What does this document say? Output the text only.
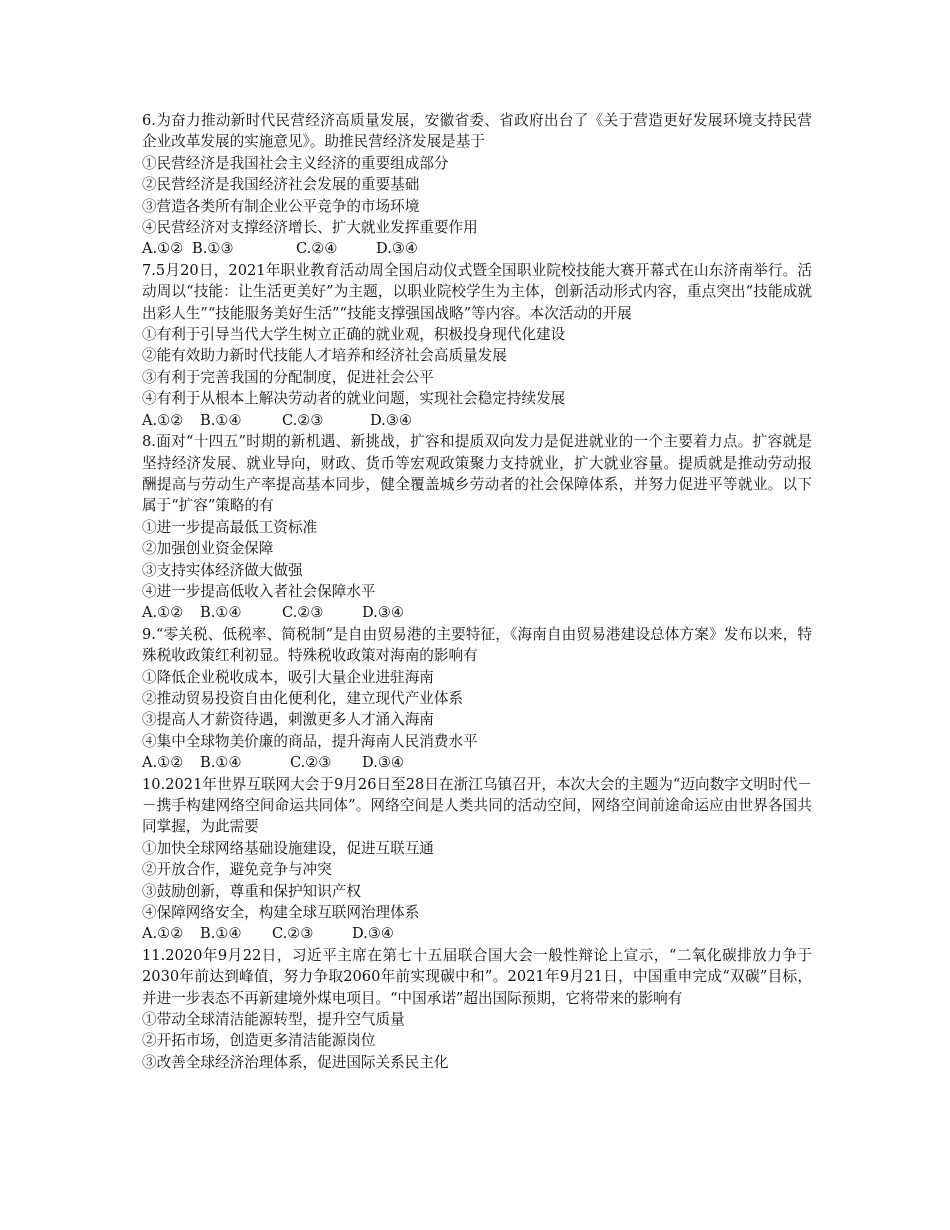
6.为奋力推动新时代民营经济高质量发展，安徽省委、省政府出台了《关于营造更好发展环境支持民营企业改革发展的实施意见》。助推民营经济发展是基于
①民营经济是我国社会主义经济的重要组成部分
②民营经济是我国经济社会发展的重要基础
③营造各类所有制企业公平竞争的市场环境
④民营经济对支撑经济增长、扩大就业发挥重要作用
A.①② B.①③	C.②④	D.③④
7.5月20日，2021年职业教育活动周全国启动仪式暨全国职业院校技能大赛开幕式在山东济南举行。活动周以“技能：让生活更美好”为主题，以职业院校学生为主体，创新活动形式内容，重点突出“技能成就出彩人生”“技能服务美好生活”“技能支撑强国战略”等内容。本次活动的开展
①有利于引导当代大学生树立正确的就业观，积极投身现代化建设
②能有效助力新时代技能人才培养和经济社会高质量发展
③有利于完善我国的分配制度，促进社会公平
④有利于从根本上解决劳动者的就业问题，实现社会稳定持续发展
A.①②	B.①④	C.②③	D.③④
8.面对“十四五”时期的新机遇、新挑战，扩容和提质双向发力是促进就业的一个主要着力点。扩容就是坚持经济发展、就业导向，财政、货币等宏观政策聚力支持就业，扩大就业容量。提质就是推动劳动报酬提高与劳动生产率提高基本同步，健全覆盖城乡劳动者的社会保障体系，并努力促进平等就业。以下属于“扩容”策略的有
①进一步提高最低工资标准
②加强创业资金保障
③支持实体经济做大做强
④进一步提高低收入者社会保障水平
A.①②	B.①④	C.②③	D.③④
9.“零关税、低税率、简税制”是自由贸易港的主要特征，《海南自由贸易港建设总体方案》发布以来，特殊税收政策红利初显。特殊税收政策对海南的影响有
①降低企业税收成本，吸引大量企业进驻海南
②推动贸易投资自由化便利化，建立现代产业体系
③提高人才薪资待遇，刺激更多人才涌入海南
④集中全球物美价廉的商品，提升海南人民消费水平
A.①②	B.①④	C.②③	D.③④
10.2021年世界互联网大会于9月26日至28日在浙江乌镇召开，本次大会的主题为“迈向数字文明时代－－携手构建网络空间命运共同体”。网络空间是人类共同的活动空间，网络空间前途命运应由世界各国共同掌握，为此需要
①加快全球网络基础设施建设，促进互联互通
②开放合作，避免竞争与冲突
③鼓励创新，尊重和保护知识产权
④保障网络安全，构建全球互联网治理体系
A.①②	B.①④	C.②③	D.③④
11.2020年9月22日，习近平主席在第七十五届联合国大会一般性辩论上宣示，“二氧化碳排放力争于2030年前达到峰值，努力争取2060年前实现碳中和”。2021年9月21日，中国重申完成“双碳”目标，并进一步表态不再新建境外煤电项目。“中国承诺”超出国际预期，它将带来的影响有
①带动全球清洁能源转型，提升空气质量
②开拓市场，创造更多清洁能源岗位
③改善全球经济治理体系，促进国际关系民主化
